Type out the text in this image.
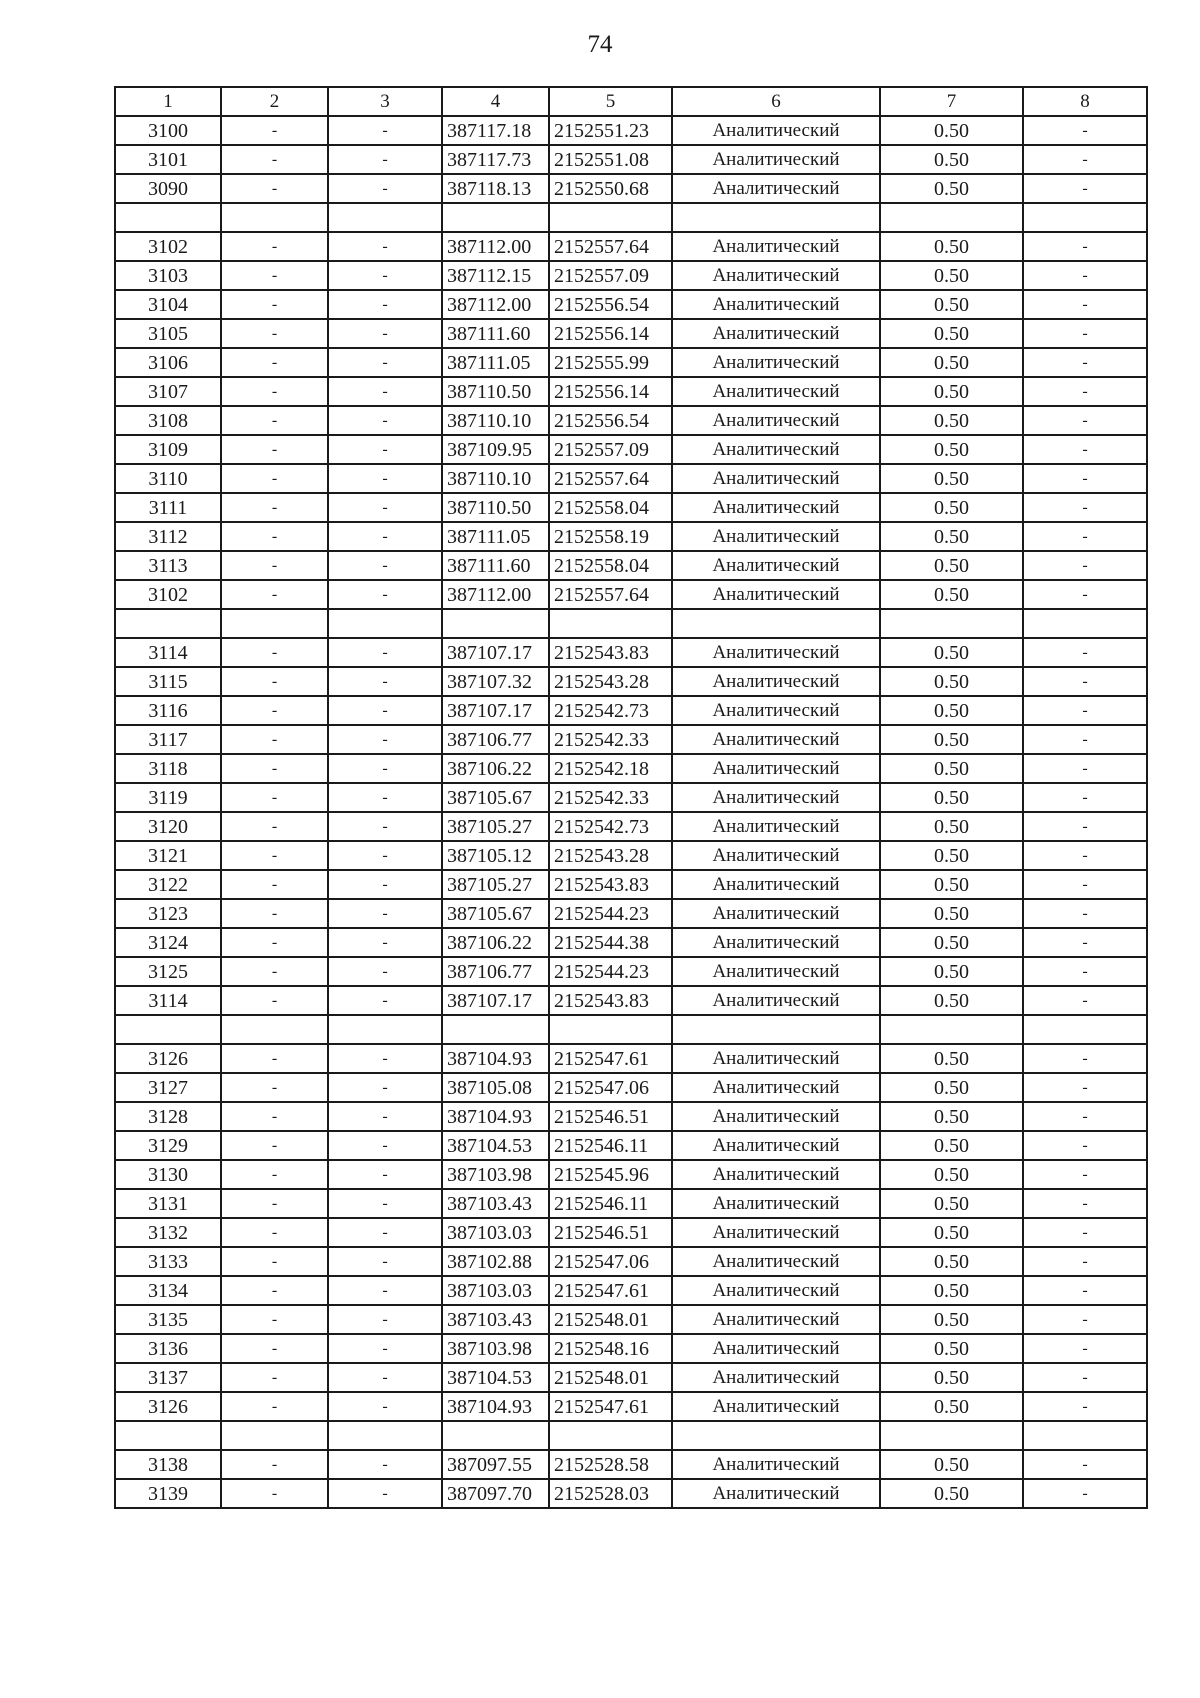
74
1	2	3	4	5	6	7	8
3100	-	-	387117.18	2152551.23	Аналитический	0.50	-
3101	-	-	387117.73	2152551.08	Аналитический	0.50	-
3090	-	-	387118.13	2152550.68	Аналитический	0.50	-

3102	-	-	387112.00	2152557.64	Аналитический	0.50	-
3103	-	-	387112.15	2152557.09	Аналитический	0.50	-
3104	-	-	387112.00	2152556.54	Аналитический	0.50	-
3105	-	-	387111.60	2152556.14	Аналитический	0.50	-
3106	-	-	387111.05	2152555.99	Аналитический	0.50	-
3107	-	-	387110.50	2152556.14	Аналитический	0.50	-
3108	-	-	387110.10	2152556.54	Аналитический	0.50	-
3109	-	-	387109.95	2152557.09	Аналитический	0.50	-
3110	-	-	387110.10	2152557.64	Аналитический	0.50	-
3111	-	-	387110.50	2152558.04	Аналитический	0.50	-
3112	-	-	387111.05	2152558.19	Аналитический	0.50	-
3113	-	-	387111.60	2152558.04	Аналитический	0.50	-
3102	-	-	387112.00	2152557.64	Аналитический	0.50	-

3114	-	-	387107.17	2152543.83	Аналитический	0.50	-
3115	-	-	387107.32	2152543.28	Аналитический	0.50	-
3116	-	-	387107.17	2152542.73	Аналитический	0.50	-
3117	-	-	387106.77	2152542.33	Аналитический	0.50	-
3118	-	-	387106.22	2152542.18	Аналитический	0.50	-
3119	-	-	387105.67	2152542.33	Аналитический	0.50	-
3120	-	-	387105.27	2152542.73	Аналитический	0.50	-
3121	-	-	387105.12	2152543.28	Аналитический	0.50	-
3122	-	-	387105.27	2152543.83	Аналитический	0.50	-
3123	-	-	387105.67	2152544.23	Аналитический	0.50	-
3124	-	-	387106.22	2152544.38	Аналитический	0.50	-
3125	-	-	387106.77	2152544.23	Аналитический	0.50	-
3114	-	-	387107.17	2152543.83	Аналитический	0.50	-

3126	-	-	387104.93	2152547.61	Аналитический	0.50	-
3127	-	-	387105.08	2152547.06	Аналитический	0.50	-
3128	-	-	387104.93	2152546.51	Аналитический	0.50	-
3129	-	-	387104.53	2152546.11	Аналитический	0.50	-
3130	-	-	387103.98	2152545.96	Аналитический	0.50	-
3131	-	-	387103.43	2152546.11	Аналитический	0.50	-
3132	-	-	387103.03	2152546.51	Аналитический	0.50	-
3133	-	-	387102.88	2152547.06	Аналитический	0.50	-
3134	-	-	387103.03	2152547.61	Аналитический	0.50	-
3135	-	-	387103.43	2152548.01	Аналитический	0.50	-
3136	-	-	387103.98	2152548.16	Аналитический	0.50	-
3137	-	-	387104.53	2152548.01	Аналитический	0.50	-
3126	-	-	387104.93	2152547.61	Аналитический	0.50	-

3138	-	-	387097.55	2152528.58	Аналитический	0.50	-
3139	-	-	387097.70	2152528.03	Аналитический	0.50	-
